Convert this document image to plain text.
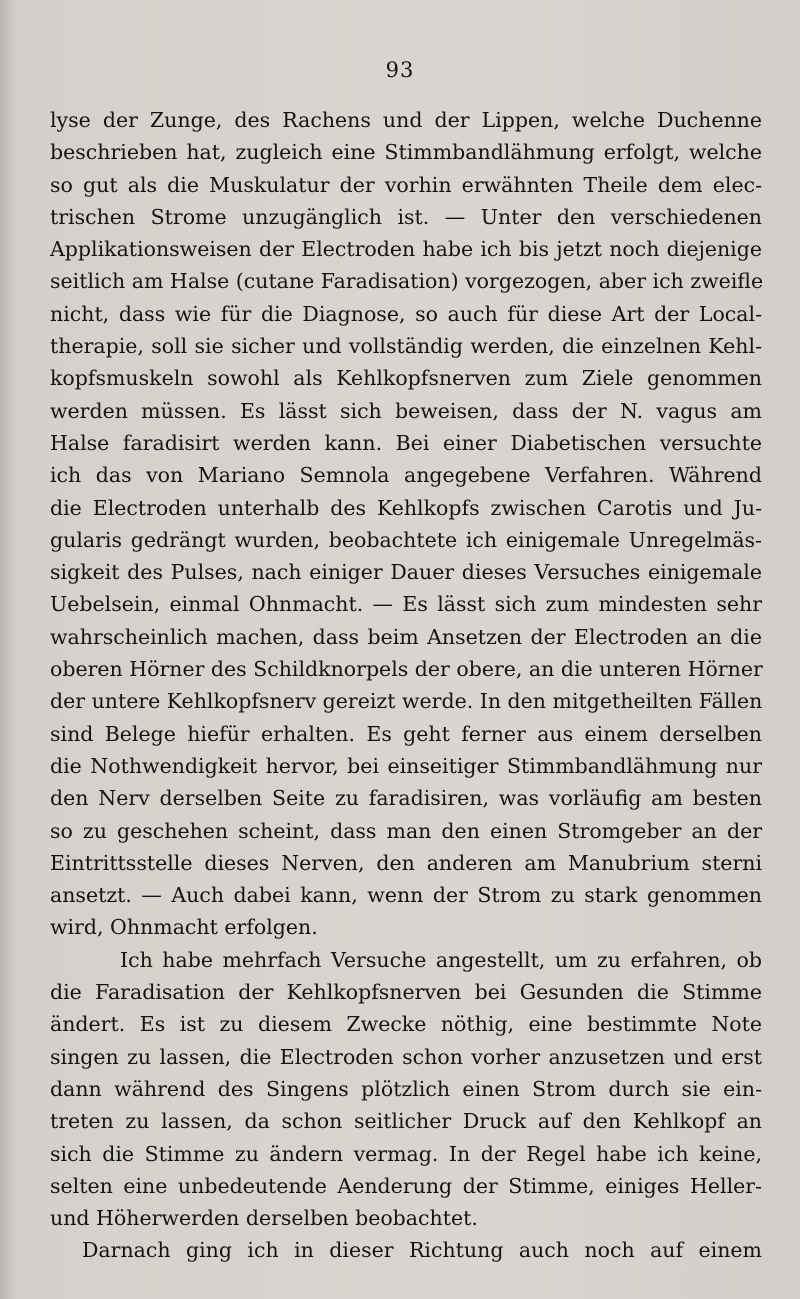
93
lyse der Zunge, des Rachens und der Lippen, welche Duchenne
beschrieben hat, zugleich eine Stimmbandlähmung erfolgt, welche
so gut als die Muskulatur der vorhin erwähnten Theile dem elec-
trischen Strome unzugänglich ist. — Unter den verschiedenen
Applikationsweisen der Electroden habe ich bis jetzt noch diejenige
seitlich am Halse (cutane Faradisation) vorgezogen, aber ich zweifle
nicht, dass wie für die Diagnose, so auch für diese Art der Local-
therapie, soll sie sicher und vollständig werden, die einzelnen Kehl-
kopfsmuskeln sowohl als Kehlkopfsnerven zum Ziele genommen
werden müssen. Es lässt sich beweisen, dass der N. vagus am
Halse faradisirt werden kann. Bei einer Diabetischen versuchte
ich das von Mariano Semnola angegebene Verfahren. Während
die Electroden unterhalb des Kehlkopfs zwischen Carotis und Ju-
gularis gedrängt wurden, beobachtete ich einigemale Unregelmäs-
sigkeit des Pulses, nach einiger Dauer dieses Versuches einigemale
Uebelsein, einmal Ohnmacht. — Es lässt sich zum mindesten sehr
wahrscheinlich machen, dass beim Ansetzen der Electroden an die
oberen Hörner des Schildknorpels der obere, an die unteren Hörner
der untere Kehlkopfsnerv gereizt werde. In den mitgetheilten Fällen
sind Belege hiefür erhalten. Es geht ferner aus einem derselben
die Nothwendigkeit hervor, bei einseitiger Stimmbandlähmung nur
den Nerv derselben Seite zu faradisiren, was vorläufig am besten
so zu geschehen scheint, dass man den einen Stromgeber an der
Eintrittsstelle dieses Nerven, den anderen am Manubrium sterni
ansetzt. — Auch dabei kann, wenn der Strom zu stark genommen
wird, Ohnmacht erfolgen.
Ich habe mehrfach Versuche angestellt, um zu erfahren, ob
die Faradisation der Kehlkopfsnerven bei Gesunden die Stimme
ändert. Es ist zu diesem Zwecke nöthig, eine bestimmte Note
singen zu lassen, die Electroden schon vorher anzusetzen und erst
dann während des Singens plötzlich einen Strom durch sie ein-
treten zu lassen, da schon seitlicher Druck auf den Kehlkopf an
sich die Stimme zu ändern vermag. In der Regel habe ich keine,
selten eine unbedeutende Aenderung der Stimme, einiges Heller-
und Höherwerden derselben beobachtet.
Darnach ging ich in dieser Richtung auch noch auf einem
